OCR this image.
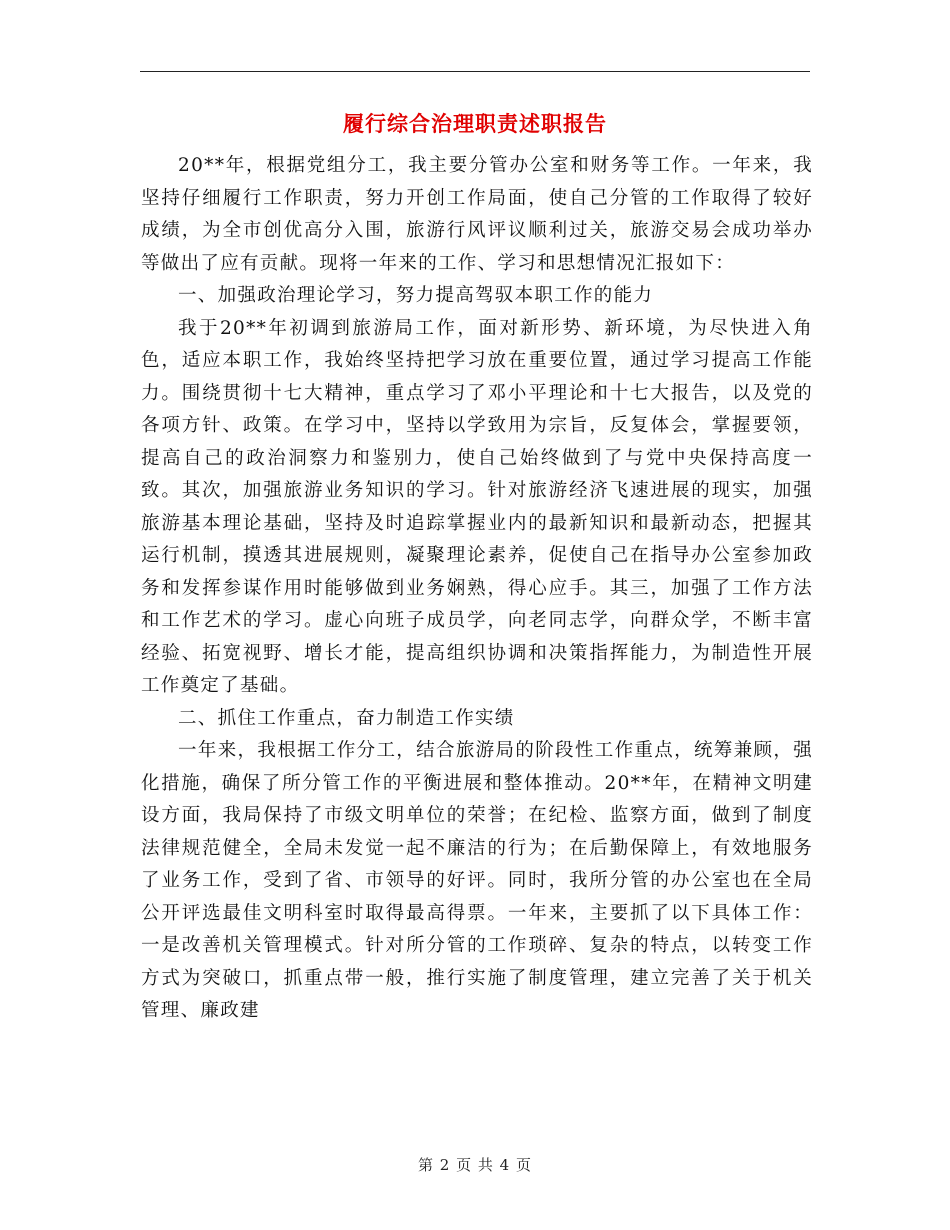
履行综合治理职责述职报告

20**年，根据党组分工，我主要分管办公室和财务等工作。一年来，我坚持仔细履行工作职责，努力开创工作局面，使自己分管的工作取得了较好成绩，为全市创优高分入围，旅游行风评议顺利过关，旅游交易会成功举办等做出了应有贡献。现将一年来的工作、学习和思想情况汇报如下：

一、加强政治理论学习，努力提高驾驭本职工作的能力

我于20**年初调到旅游局工作，面对新形势、新环境，为尽快进入角色，适应本职工作，我始终坚持把学习放在重要位置，通过学习提高工作能力。围绕贯彻十七大精神，重点学习了邓小平理论和十七大报告，以及党的各项方针、政策。在学习中，坚持以学致用为宗旨，反复体会，掌握要领，提高自己的政治洞察力和鉴别力，使自己始终做到了与党中央保持高度一致。其次，加强旅游业务知识的学习。针对旅游经济飞速进展的现实，加强旅游基本理论基础，坚持及时追踪掌握业内的最新知识和最新动态，把握其运行机制，摸透其进展规则，凝聚理论素养，促使自己在指导办公室参加政务和发挥参谋作用时能够做到业务娴熟，得心应手。其三，加强了工作方法和工作艺术的学习。虚心向班子成员学，向老同志学，向群众学，不断丰富经验、拓宽视野、增长才能，提高组织协调和决策指挥能力，为制造性开展工作奠定了基础。

二、抓住工作重点，奋力制造工作实绩

一年来，我根据工作分工，结合旅游局的阶段性工作重点，统筹兼顾，强化措施，确保了所分管工作的平衡进展和整体推动。20**年，在精神文明建设方面，我局保持了市级文明单位的荣誉；在纪检、监察方面，做到了制度法律规范健全，全局未发觉一起不廉洁的行为；在后勤保障上，有效地服务了业务工作，受到了省、市领导的好评。同时，我所分管的办公室也在全局公开评选最佳文明科室时取得最高得票。一年来，主要抓了以下具体工作：一是改善机关管理模式。针对所分管的工作琐碎、复杂的特点，以转变工作方式为突破口，抓重点带一般，推行实施了制度管理，建立完善了关于机关管理、廉政建

第 2 页 共 4 页
